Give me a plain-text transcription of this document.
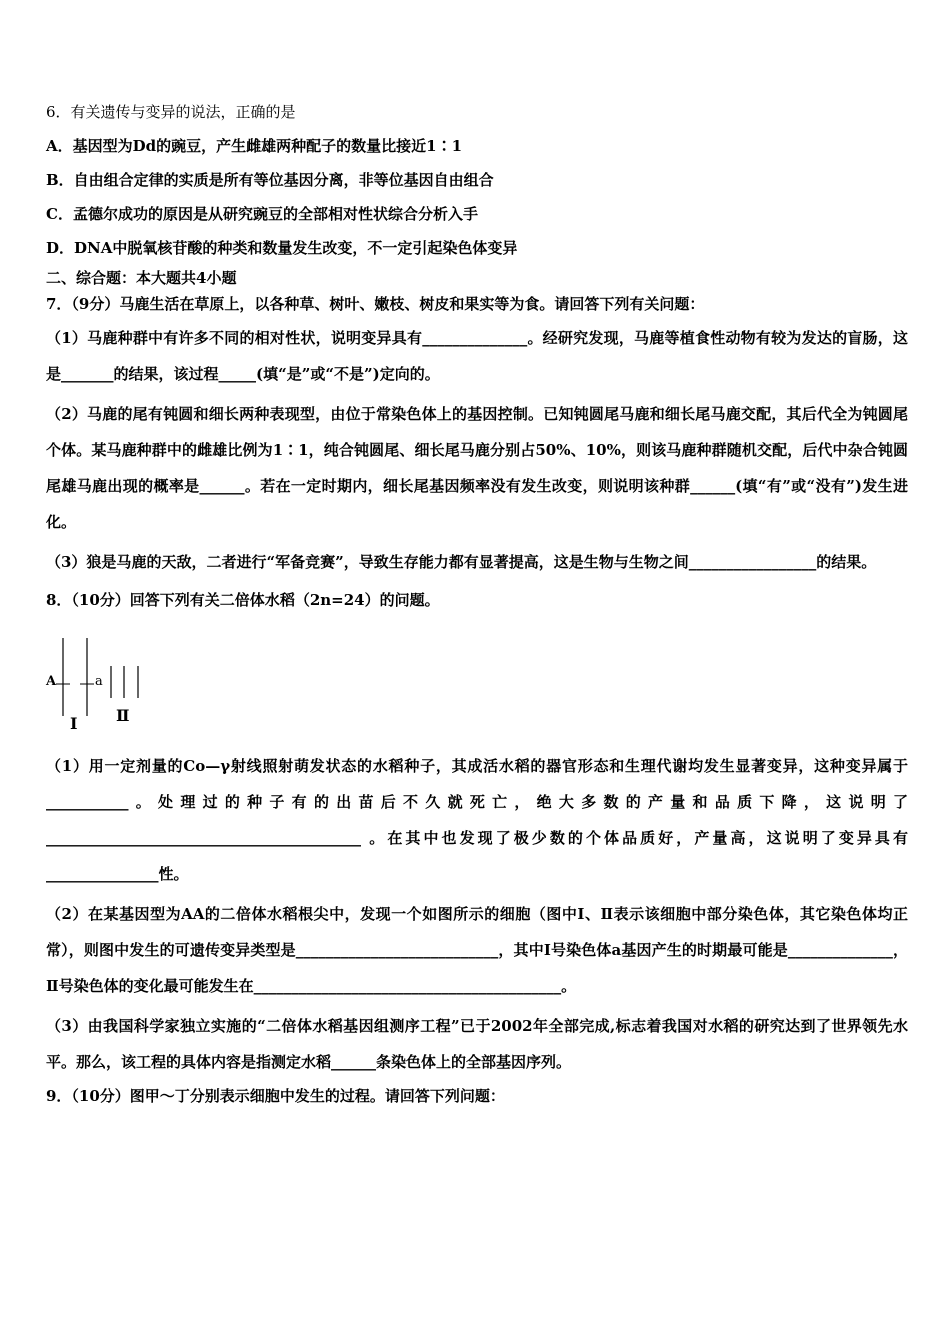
6．有关遗传与变异的说法，正确的是
A．基因型为Dd的豌豆，产生雌雄两种配子的数量比接近1∶1
B．自由组合定律的实质是所有等位基因分离，非等位基因自由组合
C．孟德尔成功的原因是从研究豌豆的全部相对性状综合分析入手
D．DNA中脱氧核苷酸的种类和数量发生改变，不一定引起染色体变异
二、综合题：本大题共4小题
7．（9分）马鹿生活在草原上，以各种草、树叶、嫩枝、树皮和果实等为食。请回答下列有关问题：
（1）马鹿种群中有许多不同的相对性状，说明变异具有______________。经研究发现，马鹿等植食性动物有较为发达的盲肠，这是_______的结果，该过程_____(填“是”或“不是”)定向的。
（2）马鹿的尾有钝圆和细长两种表现型，由位于常染色体上的基因控制。已知钝圆尾马鹿和细长尾马鹿交配，其后代全为钝圆尾个体。某马鹿种群中的雌雄比例为1∶1，纯合钝圆尾、细长尾马鹿分别占50%、10%，则该马鹿种群随机交配，后代中杂合钝圆尾雄马鹿出现的概率是______。若在一定时期内，细长尾基因频率没有发生改变，则说明该种群______(填“有”或“没有”)发生进化。
（3）狼是马鹿的天敌，二者进行“军备竞赛”，导致生存能力都有显著提高，这是生物与生物之间_________________的结果。
8．（10分）回答下列有关二倍体水稻（2n=24）的问题。
A	a
Ⅰ Ⅱ
（1）用一定剂量的Co—γ射线照射萌发状态的水稻种子，其成活水稻的器官形态和生理代谢均发生显著变异，这种变异属于___________。处理过的种子有的出苗后不久就死亡，绝大多数的产量和品质下降，这说明了__________________________________________ 。在其中也发现了极少数的个体品质好，产量高，这说明了变异具有_______________性。
（2）在某基因型为AA的二倍体水稻根尖中，发现一个如图所示的细胞（图中Ⅰ、Ⅱ表示该细胞中部分染色体，其它染色体均正常），则图中发生的可遗传变异类型是___________________________，其中Ⅰ号染色体a基因产生的时期最可能是______________，Ⅱ号染色体的变化最可能发生在_________________________________________。
（3）由我国科学家独立实施的“二倍体水稻基因组测序工程”已于2002年全部完成,标志着我国对水稻的研究达到了世界领先水平。那么，该工程的具体内容是指测定水稻______条染色体上的全部基因序列。
9．（10分）图甲～丁分别表示细胞中发生的过程。请回答下列问题：
